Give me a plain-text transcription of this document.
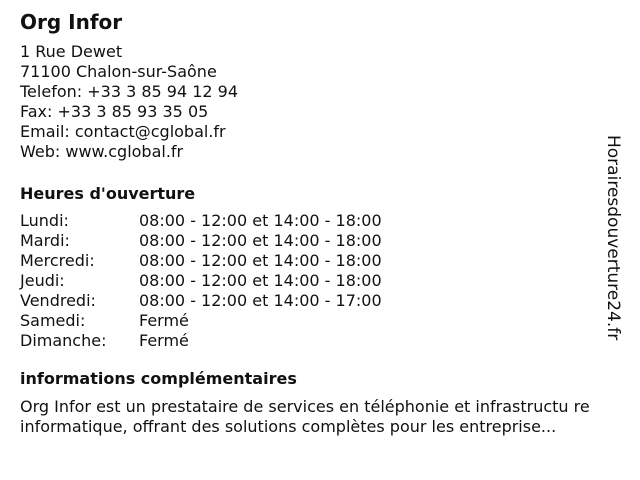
Org Infor
1 Rue Dewet
71100 Chalon-sur-Saône
Telefon: +33 3 85 94 12 94
Fax: +33 3 85 93 35 05
Email: contact@cglobal.fr
Web: www.cglobal.fr
Heures d'ouverture
Lundi:	08:00 - 12:00 et 14:00 - 18:00
Mardi:	08:00 - 12:00 et 14:00 - 18:00
Mercredi:	08:00 - 12:00 et 14:00 - 18:00
Jeudi:	08:00 - 12:00 et 14:00 - 18:00
Vendredi:	08:00 - 12:00 et 14:00 - 17:00
Samedi:	Fermé
Dimanche:	Fermé
informations complémentaires
Org Infor est un prestataire de services en téléphonie et infrastructu re informatique, offrant des solutions complètes pour les entreprise...
Horairesdouverture24.fr
